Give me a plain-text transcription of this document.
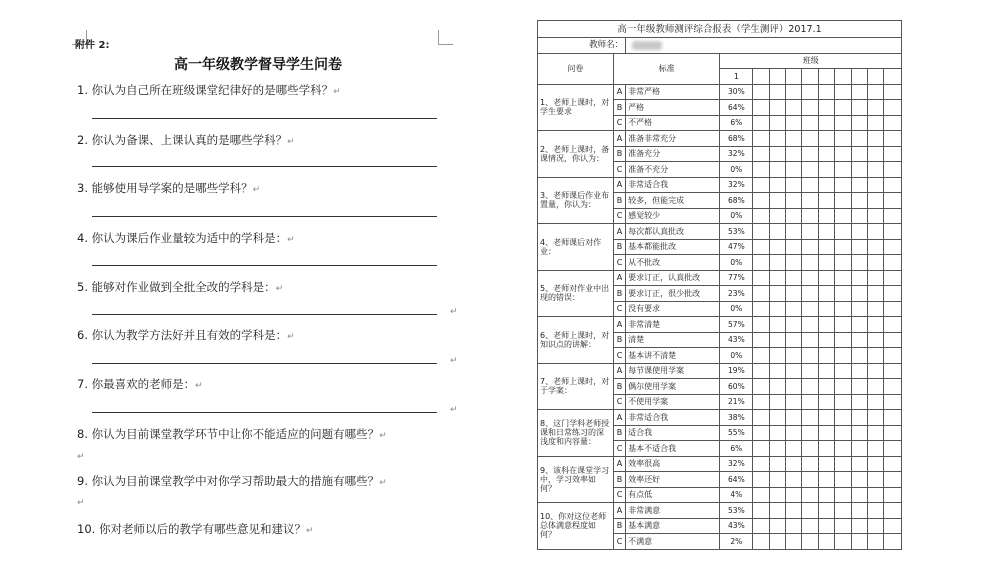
附件 2:
高一年级教学督导学生问卷
1. 你认为自己所在班级课堂纪律好的是哪些学科？↵
2. 你认为备课、上课认真的是哪些学科？↵
3. 能够使用导学案的是哪些学科？↵
4. 你认为课后作业量较为适中的学科是：↵
5. 能够对作业做到全批全改的学科是：↵
↵
6. 你认为教学方法好并且有效的学科是：↵
↵
7. 你最喜欢的老师是：↵
↵
8. 你认为目前课堂教学环节中让你不能适应的问题有哪些？↵
↵
9. 你认为目前课堂教学中对你学习帮助最大的措施有哪些？↵
↵
10. 你对老师以后的教学有哪些意见和建议？↵
高一年级教师测评综合报表（学生测评）2017.1												
教师名：												
问卷	标准		班级									
			1									
1、老师上课时，对学生要求	A	非常严格	30%									
	B	严格	64%									
	C	不严格	6%									
2、老师上课时，备课情况，你认为：	A	准备非常充分	68%									
	B	准备充分	32%									
	C	准备不充分	0%									
3、老师课后作业布置量，你认为：	A	非常适合我	32%									
	B	较多，但能完成	68%									
	C	感觉较少	0%									
4、老师课后对作业：	A	每次都认真批改	53%									
	B	基本都能批改	47%									
	C	从不批改	0%									
5、老师对作业中出现的错误：	A	要求订正，认真批改	77%									
	B	要求订正，很少批改	23%									
	C	没有要求	0%									
6、老师上课时，对知识点的讲解：	A	非常清楚	57%									
	B	清楚	43%									
	C	基本讲不清楚	0%									
7、老师上课时，对于学案：	A	每节课使用学案	19%									
	B	偶尔使用学案	60%									
	C	不使用学案	21%									
8、这门学科老师授课和日常练习的深浅度和内容量：	A	非常适合我	38%									
	B	适合我	55%									
	C	基本不适合我	6%									
9、该科在课堂学习中，学习效率如何？	A	效率很高	32%									
	B	效率还好	64%									
	C	有点低	4%									
10、你对这位老师总体满意程度如何？	A	非常满意	53%									
	B	基本满意	43%									
	C	不满意	2%									
